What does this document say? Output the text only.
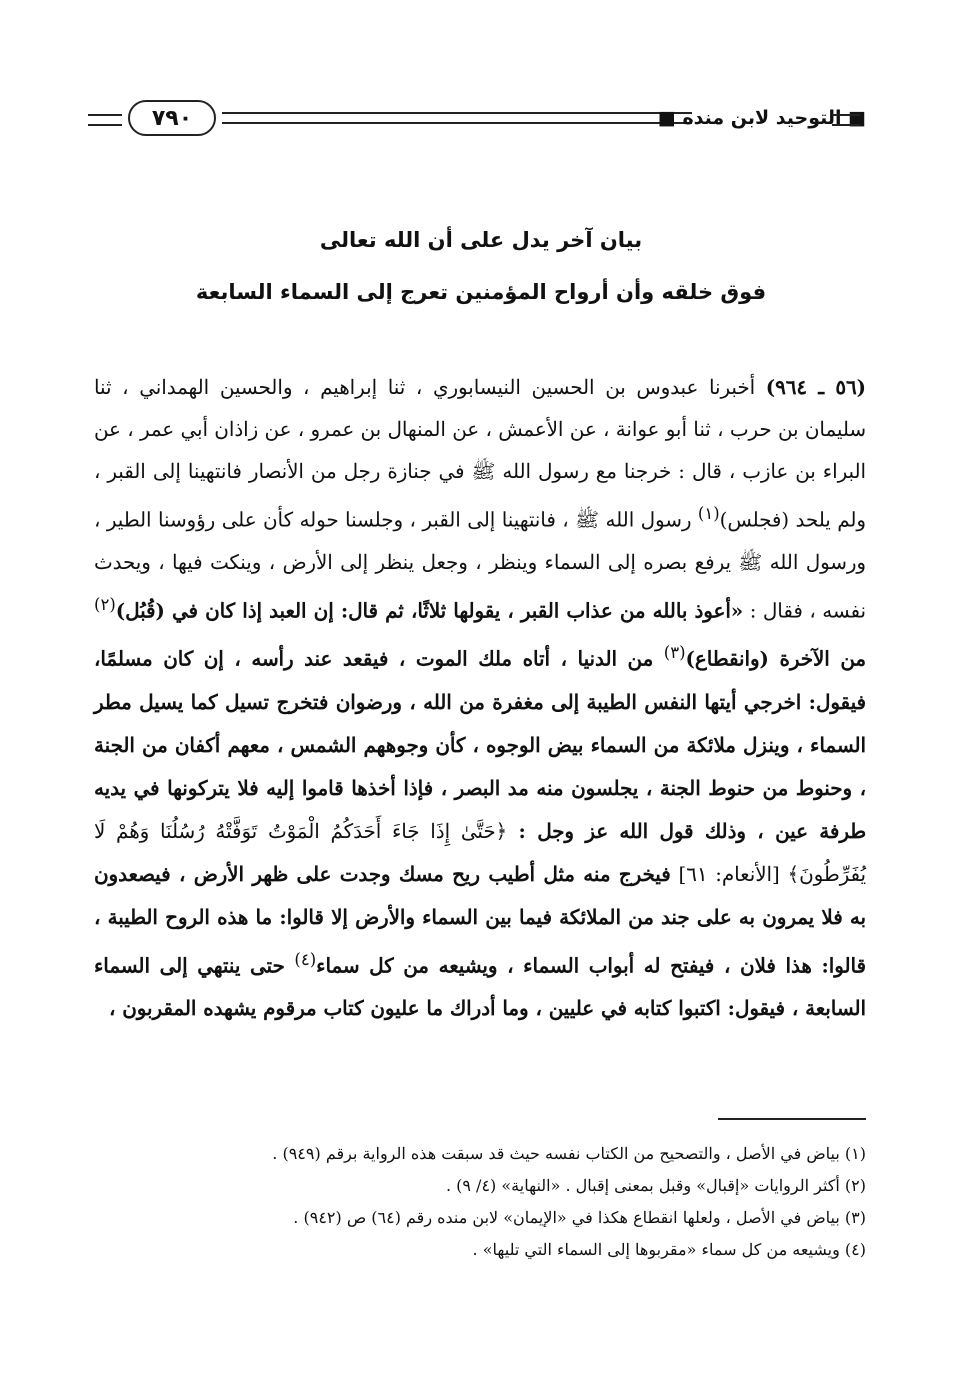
٧٩٠	■ التوحيد لابن منده ■
بيان آخر يدل على أن الله تعالى
فوق خلقه وأن أرواح المؤمنين تعرج إلى السماء السابعة
(٥٦ ـ ٩٦٤) أخبرنا عبدوس بن الحسين النيسابوري ، ثنا إبراهيم ، والحسين الهمداني ، ثنا سليمان بن حرب ، ثنا أبو عوانة ، عن الأعمش ، عن المنهال بن عمرو ، عن زاذان أبي عمر ، عن البراء بن عازب ، قال : خرجنا مع رسول الله ﷺ في جنازة رجل من الأنصار فانتهينا إلى القبر ، ولم يلحد (فجلس)$^{(١)}$ رسول الله ﷺ ، فانتهينا إلى القبر ، وجلسنا حوله كأن على رؤوسنا الطير ، ورسول الله ﷺ يرفع بصره إلى السماء وينظر ، وجعل ينظر إلى الأرض ، وينكت فيها ، ويحدث نفسه ، فقال : «أعوذ بالله من عذاب القبر ، يقولها ثلاثًا، ثم قال: إن العبد إذا كان في (قُبُل)$^{(٢)}$ من الآخرة (وانقطاع)$^{(٣)}$ من الدنيا ، أتاه ملك الموت ، فيقعد عند رأسه ، إن كان مسلمًا، فيقول: اخرجي أيتها النفس الطيبة إلى مغفرة من الله ، ورضوان فتخرج تسيل كما يسيل مطر السماء ، وينزل ملائكة من السماء بيض الوجوه ، كأن وجوههم الشمس ، معهم أكفان من الجنة ، وحنوط من حنوط الجنة ، يجلسون منه مد البصر ، فإذا أخذها قاموا إليه فلا يتركونها في يديه طرفة عين ، وذلك قول الله عز وجل : ﴿حَتَّىٰ إِذَا جَاءَ أَحَدَكُمُ الْمَوْتُ تَوَفَّتْهُ رُسُلُنَا وَهُمْ لَا يُفَرِّطُونَ﴾ [الأنعام: ٦١] فيخرج منه مثل أطيب ريح مسك وجدت على ظهر الأرض ، فيصعدون به فلا يمرون به على جند من الملائكة فيما بين السماء والأرض إلا قالوا: ما هذه الروح الطيبة ، قالوا: هذا فلان ، فيفتح له أبواب السماء ، ويشيعه من كل سماء$^{(٤)}$ حتى ينتهي إلى السماء السابعة ، فيقول: اكتبوا كتابه في عليين ، وما أدراك ما عليون كتاب مرقوم يشهده المقربون ،
(١) بياض في الأصل ، والتصحيح من الكتاب نفسه حيث قد سبقت هذه الرواية برقم (٩٤٩) .
(٢) أكثر الروايات «إقبال» وقبل بمعنى إقبال . «النهاية» (٤/ ٩) .
(٣) بياض في الأصل ، ولعلها انقطاع هكذا في «الإيمان» لابن منده رقم (٦٤) ص (٩٤٢) .
(٤) ويشيعه من كل سماء «مقربوها إلى السماء التي تليها» .
